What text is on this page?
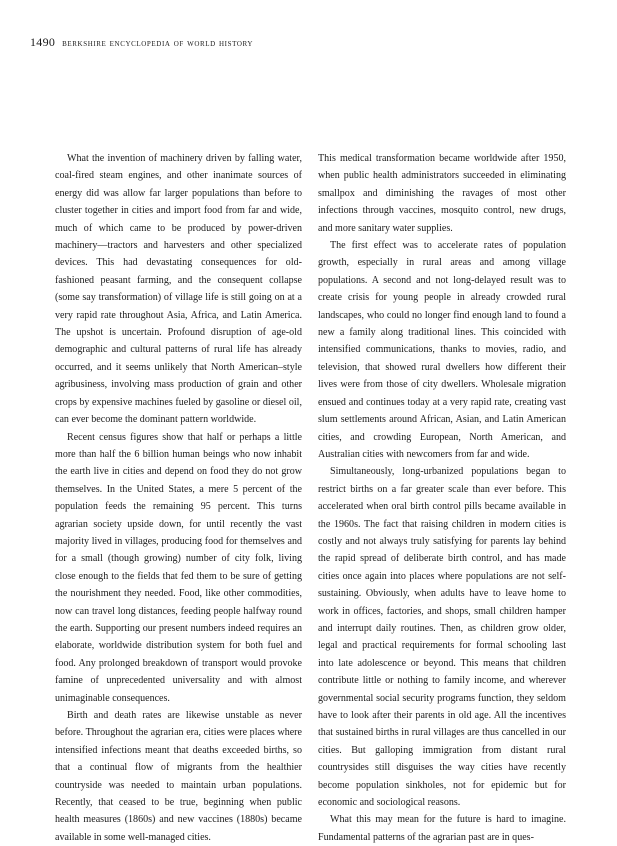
1490 berkshire encyclopedia of world history

What the invention of machinery driven by falling water, coal-fired steam engines, and other inanimate sources of energy did was allow far larger populations than before to cluster together in cities and import food from far and wide, much of which came to be produced by power-driven machinery—tractors and harvesters and other specialized devices. This had devastating consequences for old-fashioned peasant farming, and the consequent collapse (some say transformation) of village life is still going on at a very rapid rate throughout Asia, Africa, and Latin America. The upshot is uncertain. Profound disruption of age-old demographic and cultural patterns of rural life has already occurred, and it seems unlikely that North American–style agribusiness, involving mass production of grain and other crops by expensive machines fueled by gasoline or diesel oil, can ever become the dominant pattern worldwide.

Recent census figures show that half or perhaps a little more than half the 6 billion human beings who now inhabit the earth live in cities and depend on food they do not grow themselves. In the United States, a mere 5 percent of the population feeds the remaining 95 percent. This turns agrarian society upside down, for until recently the vast majority lived in villages, producing food for themselves and for a small (though growing) number of city folk, living close enough to the fields that fed them to be sure of getting the nourishment they needed. Food, like other commodities, now can travel long distances, feeding people halfway round the earth. Supporting our present numbers indeed requires an elaborate, worldwide distribution system for both fuel and food. Any prolonged breakdown of transport would provoke famine of unprecedented universality and with almost unimaginable consequences.

Birth and death rates are likewise unstable as never before. Throughout the agrarian era, cities were places where intensified infections meant that deaths exceeded births, so that a continual flow of migrants from the healthier countryside was needed to maintain urban populations. Recently, that ceased to be true, beginning when public health measures (1860s) and new vaccines (1880s) became available in some well-managed cities.

This medical transformation became worldwide after 1950, when public health administrators succeeded in eliminating smallpox and diminishing the ravages of most other infections through vaccines, mosquito control, new drugs, and more sanitary water supplies.

The first effect was to accelerate rates of population growth, especially in rural areas and among village populations. A second and not long-delayed result was to create crisis for young people in already crowded rural landscapes, who could no longer find enough land to found a new a family along traditional lines. This coincided with intensified communications, thanks to movies, radio, and television, that showed rural dwellers how different their lives were from those of city dwellers. Wholesale migration ensued and continues today at a very rapid rate, creating vast slum settlements around African, Asian, and Latin American cities, and crowding European, North American, and Australian cities with newcomers from far and wide.

Simultaneously, long-urbanized populations began to restrict births on a far greater scale than ever before. This accelerated when oral birth control pills became available in the 1960s. The fact that raising children in modern cities is costly and not always truly satisfying for parents lay behind the rapid spread of deliberate birth control, and has made cities once again into places where populations are not self-sustaining. Obviously, when adults have to leave home to work in offices, factories, and shops, small children hamper and interrupt daily routines. Then, as children grow older, legal and practical requirements for formal schooling last into late adolescence or beyond. This means that children contribute little or nothing to family income, and wherever governmental social security programs function, they seldom have to look after their parents in old age. All the incentives that sustained births in rural villages are thus cancelled in our cities. But galloping immigration from distant rural countrysides still disguises the way cities have recently become population sinkholes, not for epidemic but for economic and sociological reasons.

What this may mean for the future is hard to imagine. Fundamental patterns of the agrarian past are in ques-
